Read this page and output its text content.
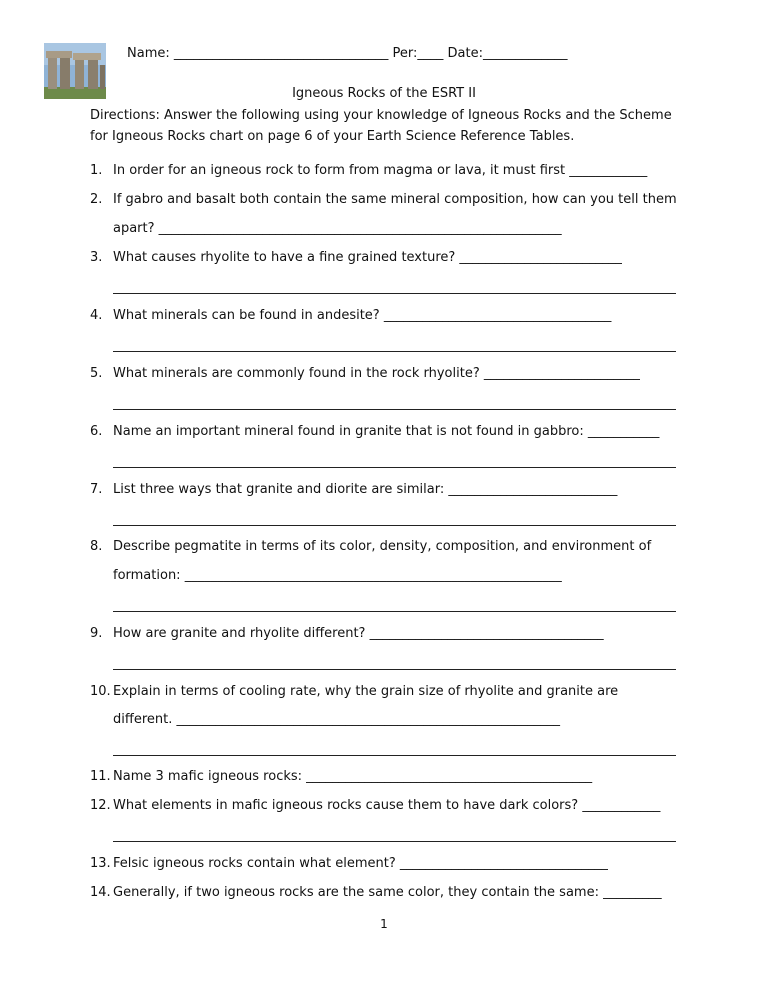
Name: _________________________________ Per:____ Date:_____________
Igneous Rocks of the ESRT II
Directions: Answer the following using your knowledge of Igneous Rocks and the Scheme for Igneous Rocks chart on page 6 of your Earth Science Reference Tables.
1. In order for an igneous rock to form from magma or lava, it must first ____________
2. If gabro and basalt both contain the same mineral composition, how can you tell them
apart? ______________________________________________________________
3. What causes rhyolite to have a fine grained texture? _________________________
4. What minerals can be found in andesite? ___________________________________
5. What minerals are commonly found in the rock rhyolite? ________________________
6. Name an important mineral found in granite that is not found in gabbro: ___________
7. List three ways that granite and diorite are similar: __________________________
8. Describe pegmatite in terms of its color, density, composition, and environment of
formation: __________________________________________________________
9. How are granite and rhyolite different? ____________________________________
10. Explain in terms of cooling rate, why the grain size of rhyolite and granite are
different. ___________________________________________________________
11. Name 3 mafic igneous rocks: ____________________________________________
12. What elements in mafic igneous rocks cause them to have dark colors? ____________
13. Felsic igneous rocks contain what element? ________________________________
14. Generally, if two igneous rocks are the same color, they contain the same: _________
1
